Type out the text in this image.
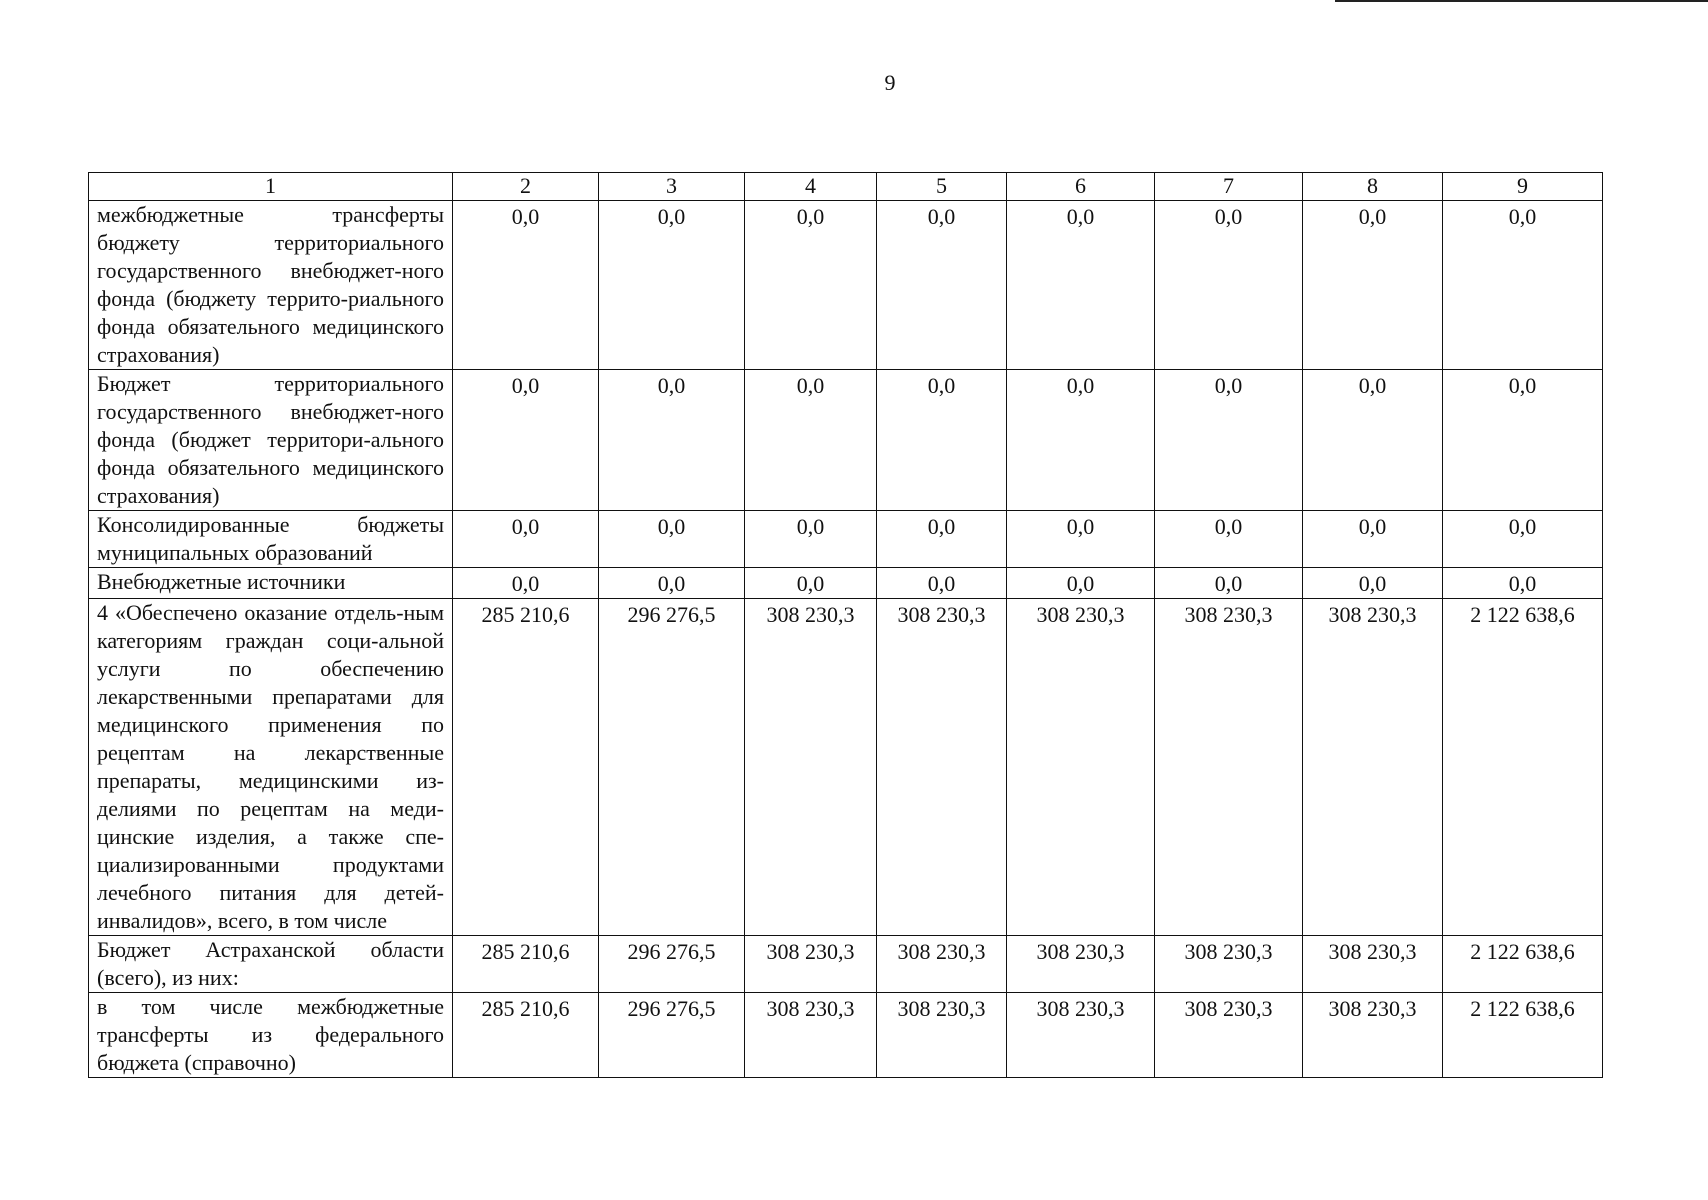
9
1	2	3	4	5	6	7	8	9
межбюджетные трансферты бюджету территориального государственного внебюджет-ного фонда (бюджету террито-риального фонда обязательного медицинского страхования)	0,0	0,0	0,0	0,0	0,0	0,0	0,0	0,0
Бюджет территориального государственного внебюджет-ного фонда (бюджет территори-ального фонда обязательного медицинского страхования)	0,0	0,0	0,0	0,0	0,0	0,0	0,0	0,0
Консолидированные бюджеты муниципальных образований	0,0	0,0	0,0	0,0	0,0	0,0	0,0	0,0
Внебюджетные источники	0,0	0,0	0,0	0,0	0,0	0,0	0,0	0,0
4 «Обеспечено оказание отдель-ным категориям граждан соци-альной услуги по обеспечению лекарственными препаратами для медицинского применения по рецептам на лекарственные препараты, медицинскими из-делиями по рецептам на меди-цинские изделия, а также спе-циализированными продуктами лечебного питания для детей-инвалидов», всего, в том числе	285 210,6	296 276,5	308 230,3	308 230,3	308 230,3	308 230,3	308 230,3	2 122 638,6
Бюджет Астраханской области (всего), из них:	285 210,6	296 276,5	308 230,3	308 230,3	308 230,3	308 230,3	308 230,3	2 122 638,6
в том числе межбюджетные трансферты из федерального бюджета (справочно)	285 210,6	296 276,5	308 230,3	308 230,3	308 230,3	308 230,3	308 230,3	2 122 638,6
